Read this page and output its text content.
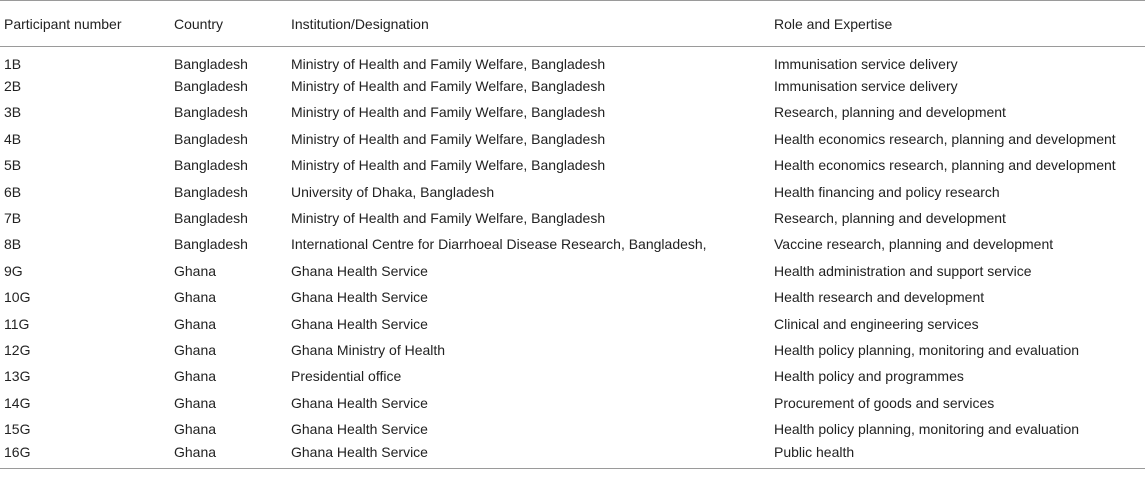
Participant number	Country	Institution/Designation	Role and Expertise
1B	Bangladesh	Ministry of Health and Family Welfare, Bangladesh	Immunisation service delivery
2B	Bangladesh	Ministry of Health and Family Welfare, Bangladesh	Immunisation service delivery
3B	Bangladesh	Ministry of Health and Family Welfare, Bangladesh	Research, planning and development
4B	Bangladesh	Ministry of Health and Family Welfare, Bangladesh	Health economics research, planning and development
5B	Bangladesh	Ministry of Health and Family Welfare, Bangladesh	Health economics research, planning and development
6B	Bangladesh	University of Dhaka, Bangladesh	Health financing and policy research
7B	Bangladesh	Ministry of Health and Family Welfare, Bangladesh	Research, planning and development
8B	Bangladesh	International Centre for Diarrhoeal Disease Research, Bangladesh,	Vaccine research, planning and development
9G	Ghana	Ghana Health Service	Health administration and support service
10G	Ghana	Ghana Health Service	Health research and development
11G	Ghana	Ghana Health Service	Clinical and engineering services
12G	Ghana	Ghana Ministry of Health	Health policy planning, monitoring and evaluation
13G	Ghana	Presidential office	Health policy and programmes
14G	Ghana	Ghana Health Service	Procurement of goods and services
15G	Ghana	Ghana Health Service	Health policy planning, monitoring and evaluation
16G	Ghana	Ghana Health Service	Public health
